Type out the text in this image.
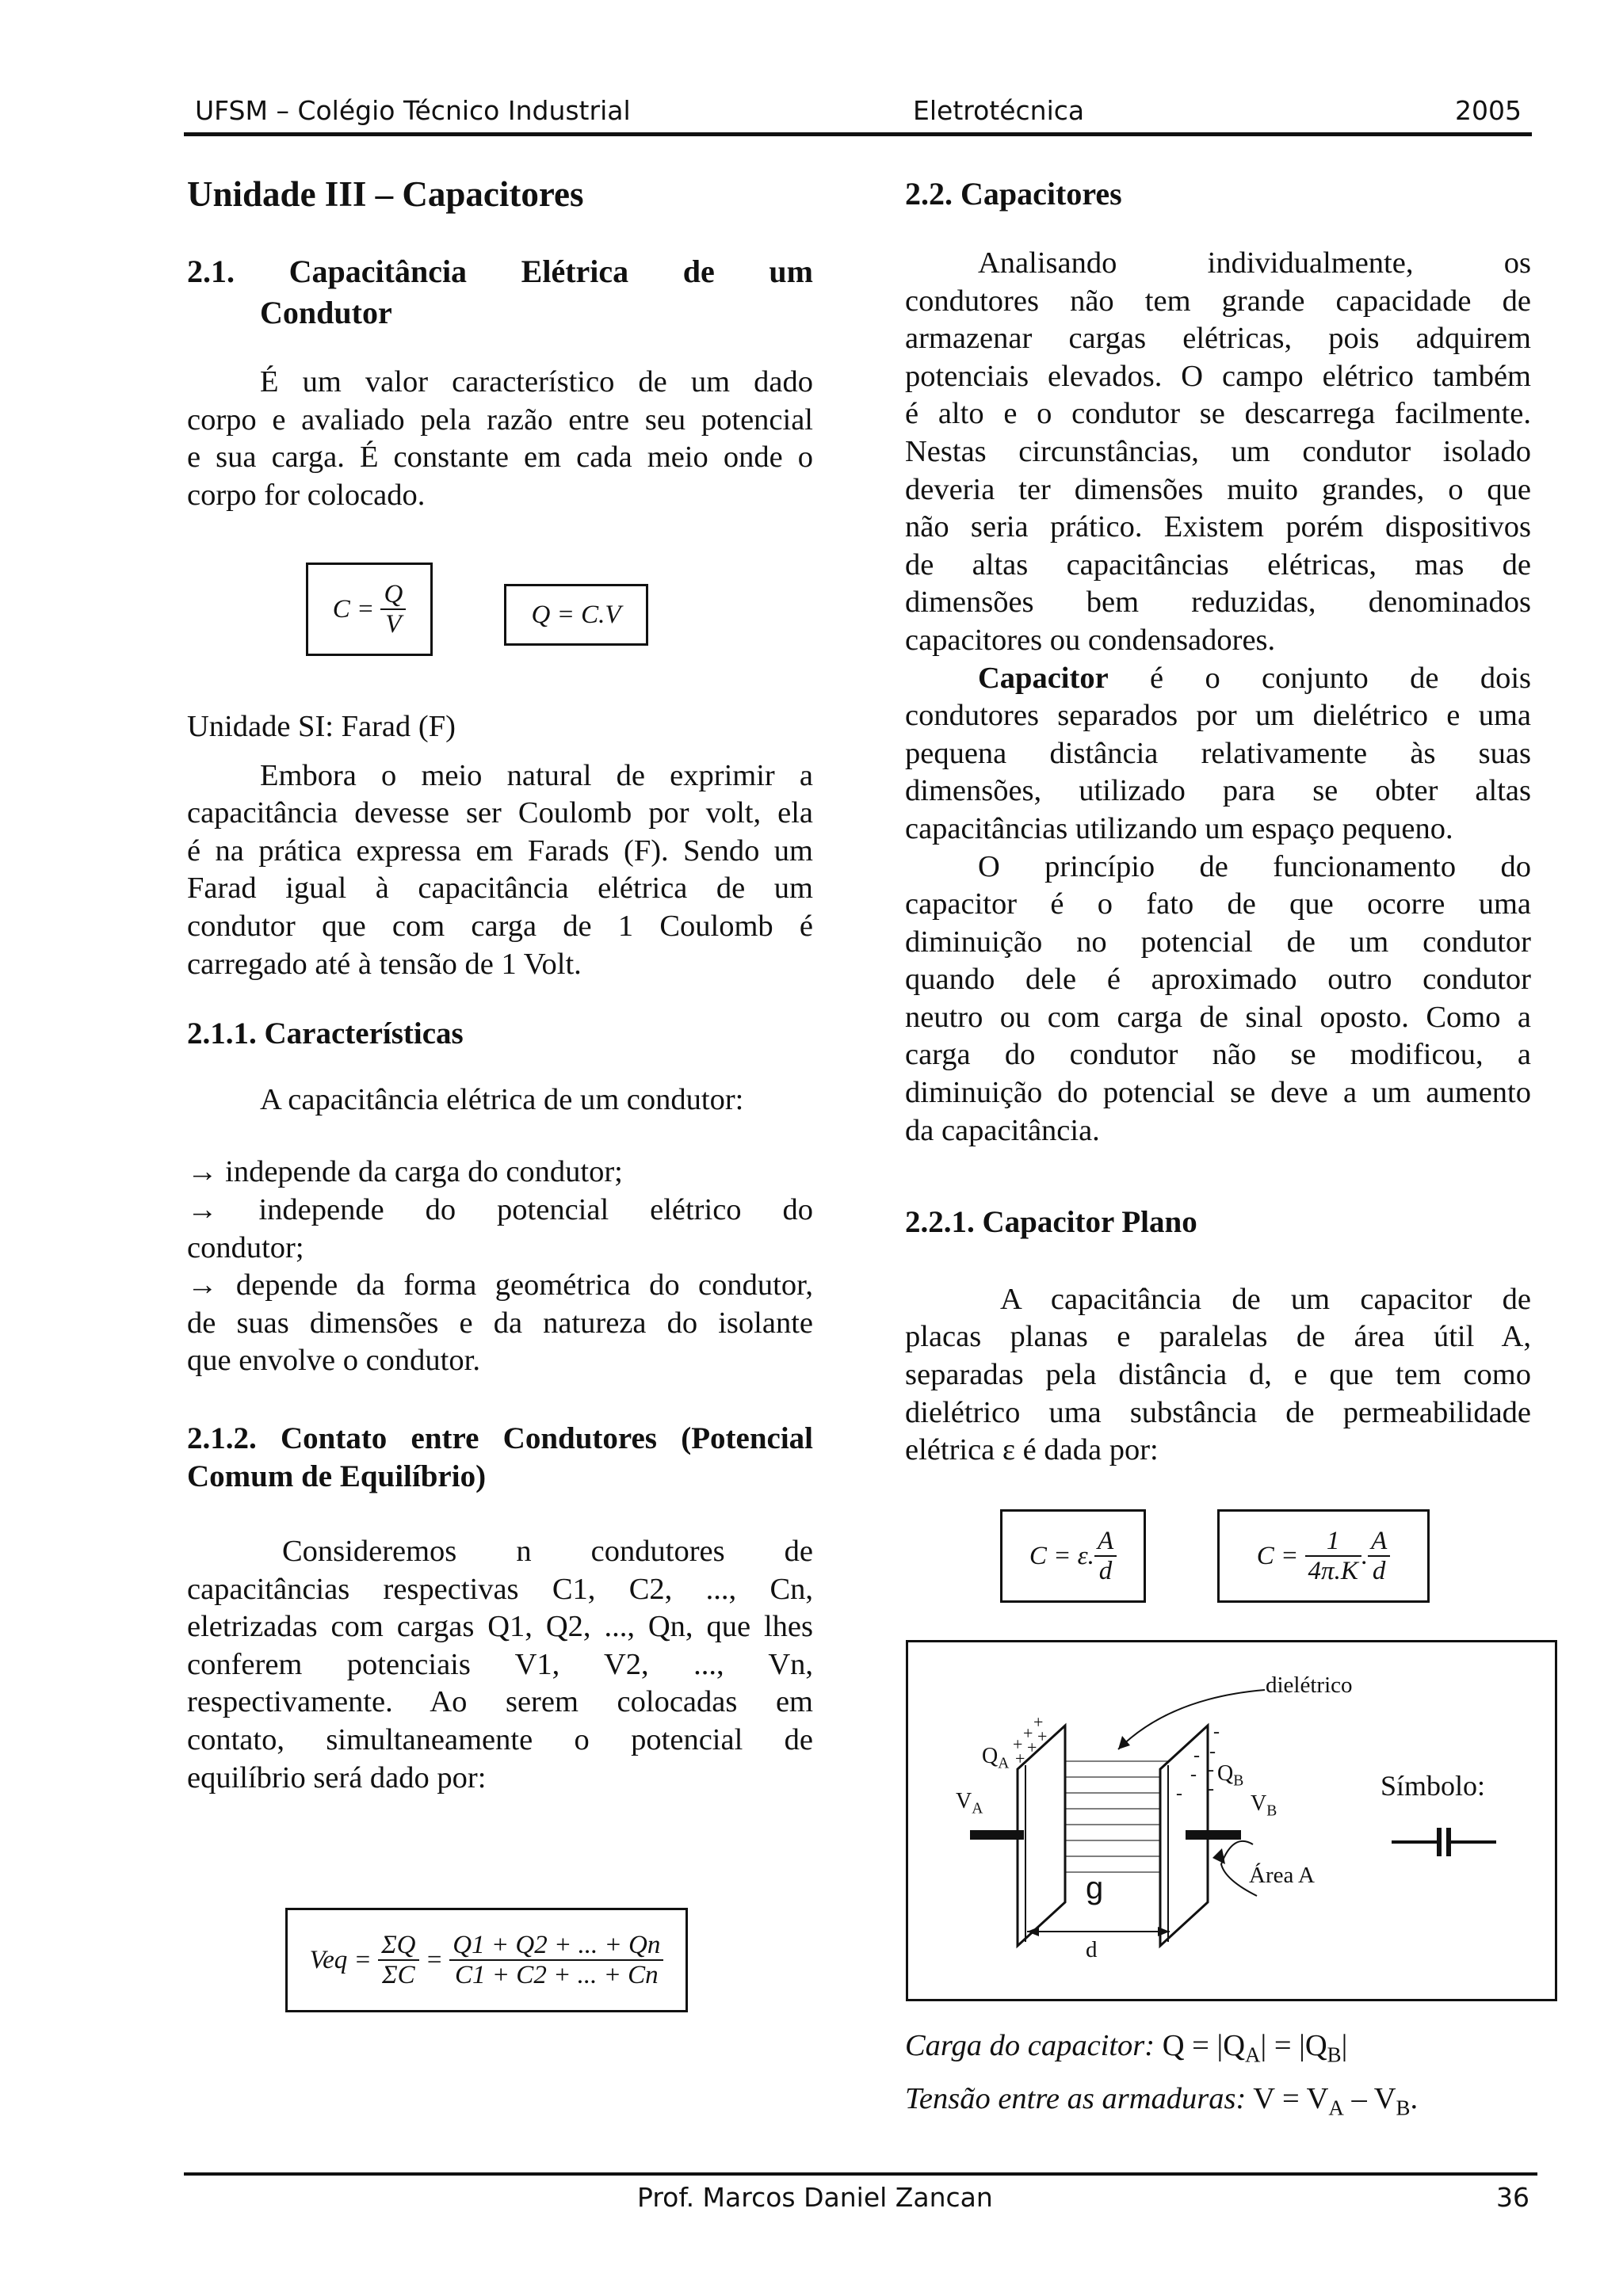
UFSM – Colégio Técnico Industrial	Eletrotécnica	2005
Unidade III – Capacitores
2.1. Capacitância Elétrica de um
Condutor

É um valor característico de um dado

corpo e avaliado pela razão entre seu potencial

e sua carga. É constante em cada meio onde o

corpo for colocado.

C =
$\frac{Q}{V}$	Q = C.V

Unidade SI: Farad (F)

Embora o meio natural de exprimir a

capacitância devesse ser Coulomb por volt, ela

é na prática expressa em Farads (F). Sendo um

Farad igual à capacitância elétrica de um

condutor que com carga de 1 Coulomb é

carregado até à tensão de 1 Volt.

2.1.1. Características

A capacitância elétrica de um condutor:

→ independe da carga do condutor;

→ independe do potencial elétrico do

condutor;

→ depende da forma geométrica do condutor,

de suas dimensões e da natureza do isolante

que envolve o condutor.

2.1.2. Contato entre Condutores (Potencial

Comum de Equilíbrio)

Consideremos n condutores de

capacitâncias respectivas C1, C2, ..., Cn,

eletrizadas com cargas Q1, Q2, ..., Qn, que lhes

conferem potenciais V1, V2, ..., Vn,

respectivamente. Ao serem colocadas em

contato, simultaneamente o potencial de

equilíbrio será dado por:

Veq =
$\frac{\Sigma Q}{\Sigma C} = \frac{Q1 + Q2 + ... + Qn}{C1 + C2 + ... + Cn}$
2.2. Capacitores

Analisando individualmente, os

condutores não tem grande capacidade de

armazenar cargas elétricas, pois adquirem

potenciais elevados. O campo elétrico também

é alto e o condutor se descarrega facilmente.

Nestas circunstâncias, um condutor isolado

deveria ter dimensões muito grandes, o que

não seria prático. Existem porém dispositivos

de altas capacitâncias elétricas, mas de

dimensões bem reduzidas, denominados

capacitores ou condensadores.

Capacitor é o conjunto de dois

condutores separados por um dielétrico e uma

pequena distância relativamente às suas

dimensões, utilizado para se obter altas

capacitâncias utilizando um espaço pequeno.

O princípio de funcionamento do

capacitor é o fato de que ocorre uma

diminuição no potencial de um condutor

quando dele é aproximado outro condutor

neutro ou com carga de sinal oposto. Como a

carga do condutor não se modificou, a

diminuição do potencial se deve a um aumento

da capacitância.

2.2.1. Capacitor Plano

A capacitância de um capacitor de

placas planas e paralelas de área útil A,

separadas pela distância d, e que tem como

dielétrico uma substância de permeabilidade

elétrica ε é dada por:

C = ε. $\frac{A}{d}$	C =
$\frac{1}{4\pi.K}$ . $\frac{A}{d}$
+
+
+
+
+
+	-
-
-
-
-
-
-
dielétrico
$Q_A$
$V_A$
$Q_B$
$V_B$
Área A
g
d
Símbolo:
Carga do capacitor: $Q = |Q_A| = |Q_B|$
Tensão entre as armaduras: $V = V_A - V_B$.
Prof. Marcos Daniel Zancan	36
